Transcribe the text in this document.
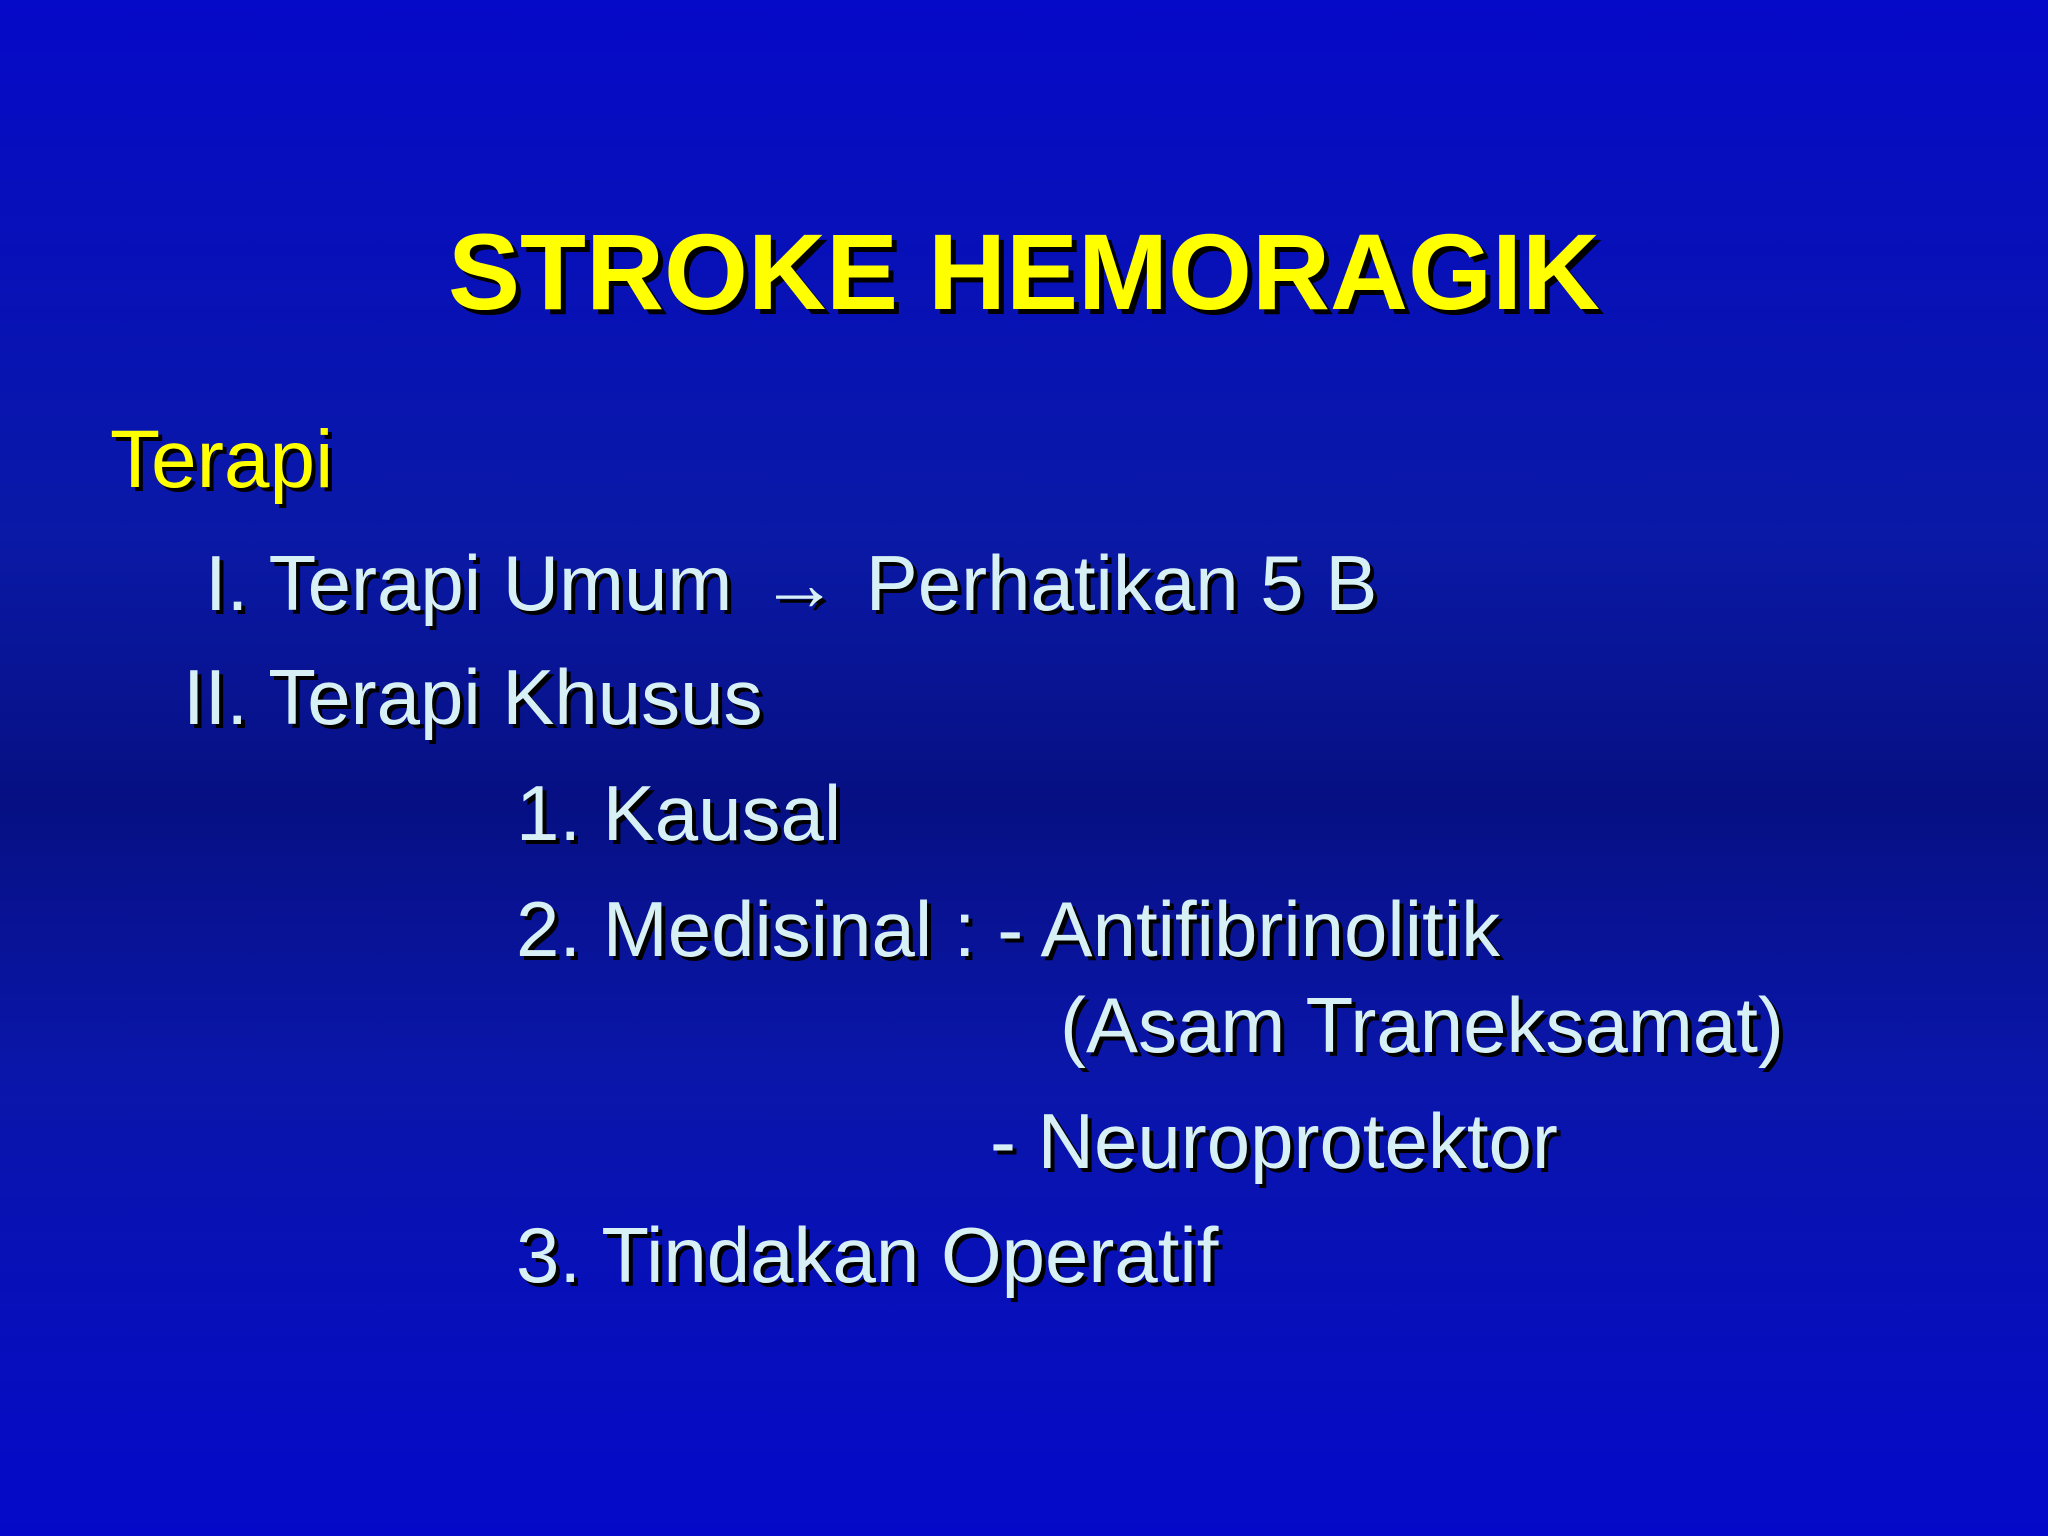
STROKE HEMORAGIK
Terapi
I. Terapi Umum → Perhatikan 5 B
II. Terapi Khusus
1. Kausal
2. Medisinal : - Antifibrinolitik
(Asam Traneksamat)
- Neuroprotektor
3. Tindakan Operatif
